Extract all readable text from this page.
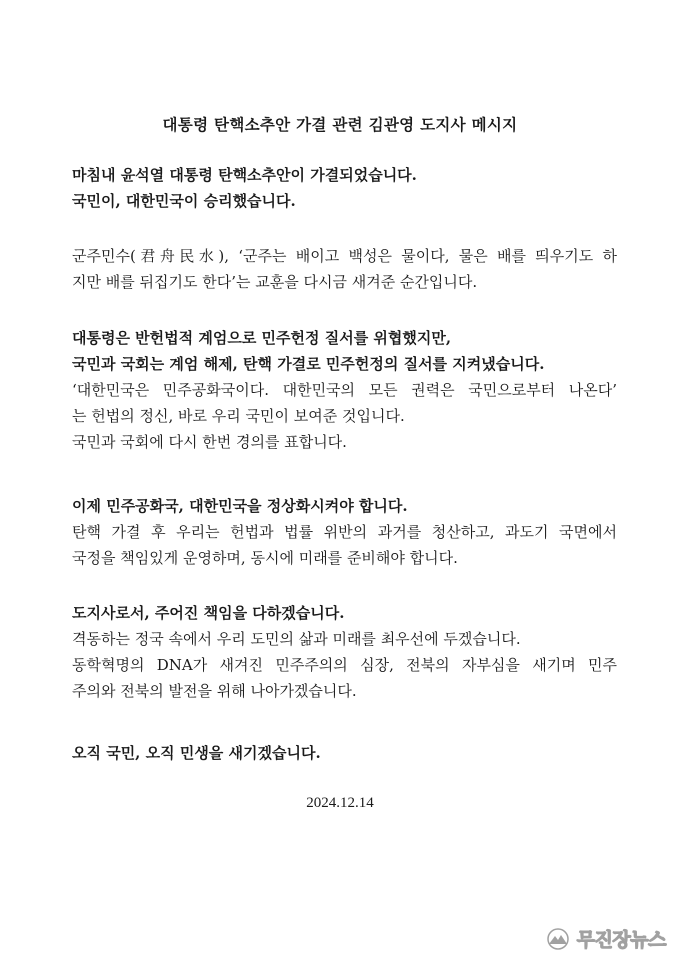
대통령 탄핵소추안 가결 관련 김관영 도지사 메시지
마침내 윤석열 대통령 탄핵소추안이 가결되었습니다.
국민이, 대한민국이 승리했습니다.
군주민수(君舟民水), ‘군주는 배이고 백성은 물이다, 물은 배를 띄우기도 하
지만 배를 뒤집기도 한다’는 교훈을 다시금 새겨준 순간입니다.
대통령은 반헌법적 계엄으로 민주헌정 질서를 위협했지만,
국민과 국회는 계엄 해제, 탄핵 가결로 민주헌정의 질서를 지켜냈습니다.
‘대한민국은 민주공화국이다. 대한민국의 모든 권력은 국민으로부터 나온다’
는 헌법의 정신, 바로 우리 국민이 보여준 것입니다.
국민과 국회에 다시 한번 경의를 표합니다.
이제 민주공화국, 대한민국을 정상화시켜야 합니다.
탄핵 가결 후 우리는 헌법과 법률 위반의 과거를 청산하고, 과도기 국면에서
국정을 책임있게 운영하며, 동시에 미래를 준비해야 합니다.
도지사로서, 주어진 책임을 다하겠습니다.
격동하는 정국 속에서 우리 도민의 삶과 미래를 최우선에 두겠습니다.
동학혁명의 DNA가 새겨진 민주주의의 심장, 전북의 자부심을 새기며 민주
주의와 전북의 발전을 위해 나아가겠습니다.
오직 국민, 오직 민생을 새기겠습니다.
2024.12.14
무진장뉴스
